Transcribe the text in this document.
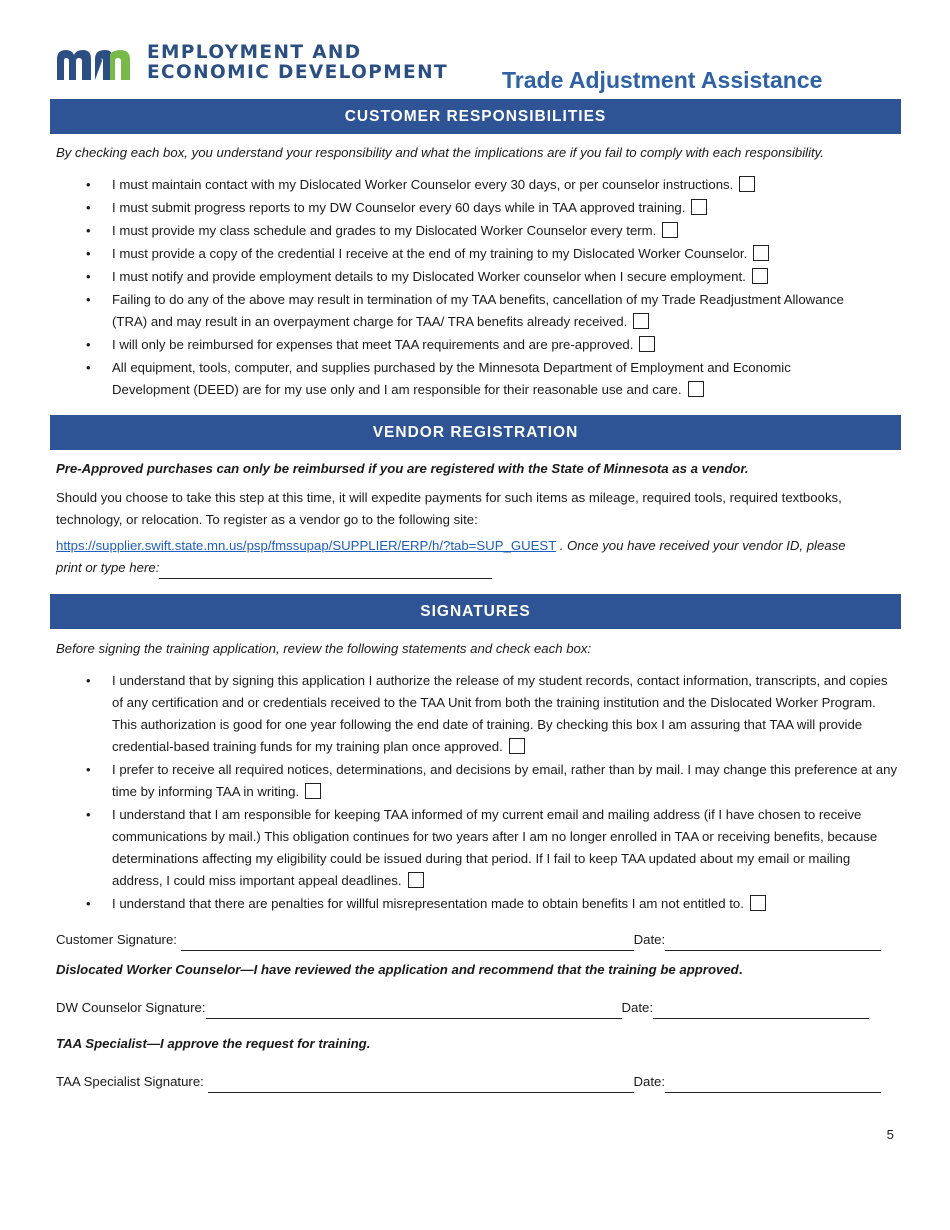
EMPLOYMENT AND
ECONOMIC DEVELOPMENT Trade Adjustment Assistance
CUSTOMER RESPONSIBILITIES
By checking each box, you understand your responsibility and what the implications are if you fail to comply with each responsibility.
• I must maintain contact with my Dislocated Worker Counselor every 30 days, or per counselor instructions.
• I must submit progress reports to my DW Counselor every 60 days while in TAA approved training.
• I must provide my class schedule and grades to my Dislocated Worker Counselor every term.
• I must provide a copy of the credential I receive at the end of my training to my Dislocated Worker Counselor.
• I must notify and provide employment details to my Dislocated Worker counselor when I secure employment.
• Failing to do any of the above may result in termination of my TAA benefits, cancellation of my Trade Readjustment Allowance (TRA) and may result in an overpayment charge for TAA/ TRA benefits already received.
• I will only be reimbursed for expenses that meet TAA requirements and are pre-approved.
• All equipment, tools, computer, and supplies purchased by the Minnesota Department of Employment and Economic Development (DEED) are for my use only and I am responsible for their reasonable use and care.
VENDOR REGISTRATION
Pre-Approved purchases can only be reimbursed if you are registered with the State of Minnesota as a vendor.
Should you choose to take this step at this time, it will expedite payments for such items as mileage, required tools, required textbooks, technology, or relocation. To register as a vendor go to the following site:
https://supplier.swift.state.mn.us/psp/fmssupap/SUPPLIER/ERP/h/?tab=SUP_GUEST . Once you have received your vendor ID, please
print or type here:
SIGNATURES
Before signing the training application, review the following statements and check each box:
• I understand that by signing this application I authorize the release of my student records, contact information, transcripts, and copies of any certification and or credentials received to the TAA Unit from both the training institution and the Dislocated Worker Program. This authorization is good for one year following the end date of training. By checking this box I am assuring that TAA will provide credential-based training funds for my training plan once approved.
• I prefer to receive all required notices, determinations, and decisions by email, rather than by mail. I may change this preference at any time by informing TAA in writing.
• I understand that I am responsible for keeping TAA informed of my current email and mailing address (if I have chosen to receive communications by mail.) This obligation continues for two years after I am no longer enrolled in TAA or receiving benefits, because determinations affecting my eligibility could be issued during that period. If I fail to keep TAA updated about my email or mailing address, I could miss important appeal deadlines.
• I understand that there are penalties for willful misrepresentation made to obtain benefits I am not entitled to.
Customer Signature:	Date:
Dislocated Worker Counselor—I have reviewed the application and recommend that the training be approved.
DW Counselor Signature:	Date:
TAA Specialist—I approve the request for training.
TAA Specialist Signature:	Date:
5
